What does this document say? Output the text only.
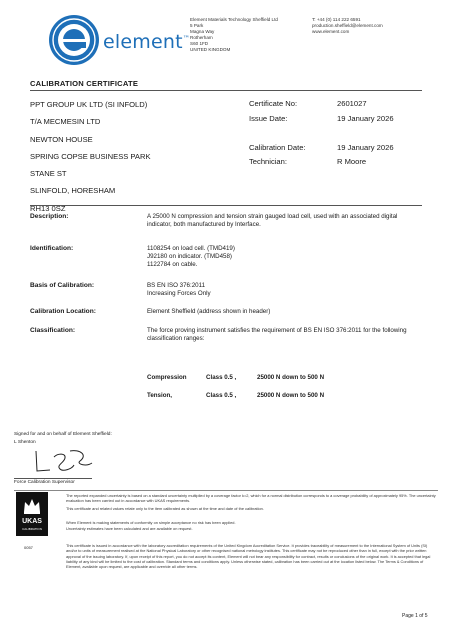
element™
Element Materials Technology Sheffield Ltd
5 Park
Magna Way
Rotherham
S60 1FD
UNITED KINGDOM
T: +44 (0) 114 222 6591
production.sheffield@element.com
www.element.com
CALIBRATION CERTIFICATE
PPT GROUP UK LTD (SI INFOLD)
T/A MECMESIN LTD
NEWTON HOUSE
SPRING COPSE BUSINESS PARK
STANE ST
SLINFOLD, HORESHAM
RH13 0SZ
Certificate No:	2601027
Issue Date:	19 January 2026
Calibration Date:	19 January 2026
Technician:	R Moore
Description:	A 25000 N compression and tension strain gauged load cell, used with an associated digital indicator, both manufactured by Interface.
Identification:	1108254 on load cell. (TMD419)
J92180 on indicator. (TMD458)
1122784 on cable.
Basis of Calibration:	BS EN ISO 376:2011
Increasing Forces Only
Calibration Location:	Element Sheffield (address shown in header)
Classification:	The force proving instrument satisfies the requirement of BS EN ISO 376:2011 for the following classification ranges:
Compression	Class 0.5 ,	25000 N down to 500 N
Tension,	Class 0.5 ,	25000 N down to 500 N
Signed for and on behalf of Element Sheffield:
L Shenton
Force Calibration Supervisor
UKAS
CALIBRATION
0057
The reported expanded uncertainty is based on a standard uncertainty multiplied by a coverage factor k=2, which for a normal distribution corresponds to a coverage probability of approximately 95%. The uncertainty evaluation has been carried out in accordance with UKAS requirements.
This certificate and related values relate only to the item calibrated as shown at the time and date of the calibration.
When Element is making statements of conformity on simple acceptance no risk has been applied.
Uncertainty estimates have been calculated and are available on request.
This certificate is issued in accordance with the laboratory accreditation requirements of the United Kingdom Accreditation Service. It provides traceability of measurement to the International System of Units (SI) and/or to units of measurement realised at the National Physical Laboratory or other recognised national metrology institutes. This certificate may not be reproduced other than in full, except with the prior written approval of the issuing laboratory. If, upon receipt of this report, you do not accept its content, Element will not bear any responsibility for contract, results or conclusions of the original work. It is accepted that legal liability of any kind will be limited to the cost of calibration. Standard terms and conditions apply. Unless otherwise stated, calibration has been carried out at the location listed below. The Terms & Conditions of Element, available upon request, are applicable and override all other terms.
Page 1 of 5
